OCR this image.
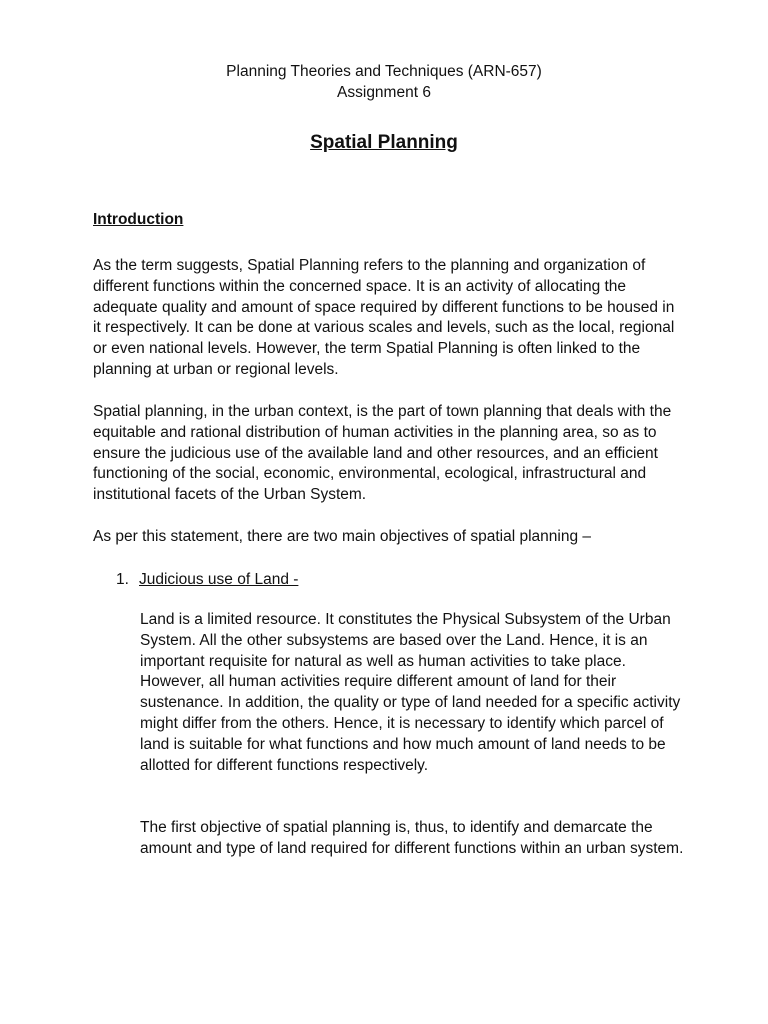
Planning Theories and Techniques (ARN-657)
Assignment 6
Spatial Planning
Introduction

As the term suggests, Spatial Planning refers to the planning and organization of different functions within the concerned space. It is an activity of allocating the adequate quality and amount of space required by different functions to be housed in it respectively. It can be done at various scales and levels, such as the local, regional or even national levels. However, the term Spatial Planning is often linked to the planning at urban or regional levels.

Spatial planning, in the urban context, is the part of town planning that deals with the equitable and rational distribution of human activities in the planning area, so as to ensure the judicious use of the available land and other resources, and an efficient functioning of the social, economic, environmental, ecological, infrastructural and institutional facets of the Urban System.

As per this statement, there are two main objectives of spatial planning –

1. Judicious use of Land -

Land is a limited resource. It constitutes the Physical Subsystem of the Urban System. All the other subsystems are based over the Land. Hence, it is an important requisite for natural as well as human activities to take place. However, all human activities require different amount of land for their sustenance. In addition, the quality or type of land needed for a specific activity might differ from the others. Hence, it is necessary to identify which parcel of land is suitable for what functions and how much amount of land needs to be allotted for different functions respectively.

The first objective of spatial planning is, thus, to identify and demarcate the amount and type of land required for different functions within an urban system.
